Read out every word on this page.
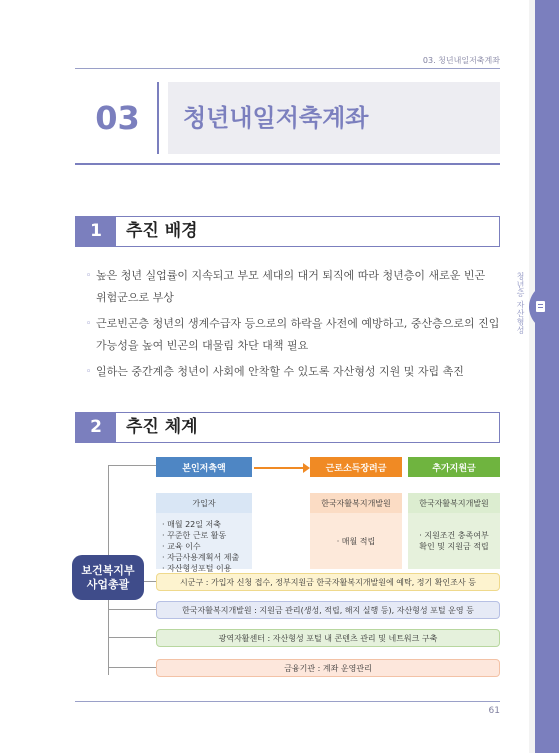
청년층 자산형성
03. 청년내일저축계좌
03	청년내일저축계좌
1	추진 배경
◦ 높은 청년 실업률이 지속되고 부모 세대의 대거 퇴직에 따라 청년층이 새로운 빈곤
위험군으로 부상
◦ 근로빈곤층 청년의 생계수급자 등으로의 하락을 사전에 예방하고, 중산층으로의 진입
가능성을 높여 빈곤의 대물림 차단 대책 필요
◦ 일하는 중간계층 청년이 사회에 안착할 수 있도록 자산형성 지원 및 자립 촉진
2	추진 체계
본인저축액	근로소득장려금	추가지원금
가입자	한국자활복지개발원	한국자활복지개발원
· 매월 22일 저축
· 꾸준한 근로 활동
· 교육 이수
· 자금사용계획서 제출
· 자산형성포털 이용
· 매월 적립
· 지원조건 충족여부
확인 및 지원금 적립
보건복지부
사업총괄	시군구 : 가입자 신청 접수, 정부지원금 한국자활복지개발원에 예탁, 정기 확인조사 등
한국자활복지개발원 : 지원금 관리(생성, 적립, 해지 실행 등), 자산형성 포털 운영 등
광역자활센터 : 자산형성 포털 내 콘텐츠 관리 및 네트워크 구축
금융기관 : 계좌 운영관리
61
